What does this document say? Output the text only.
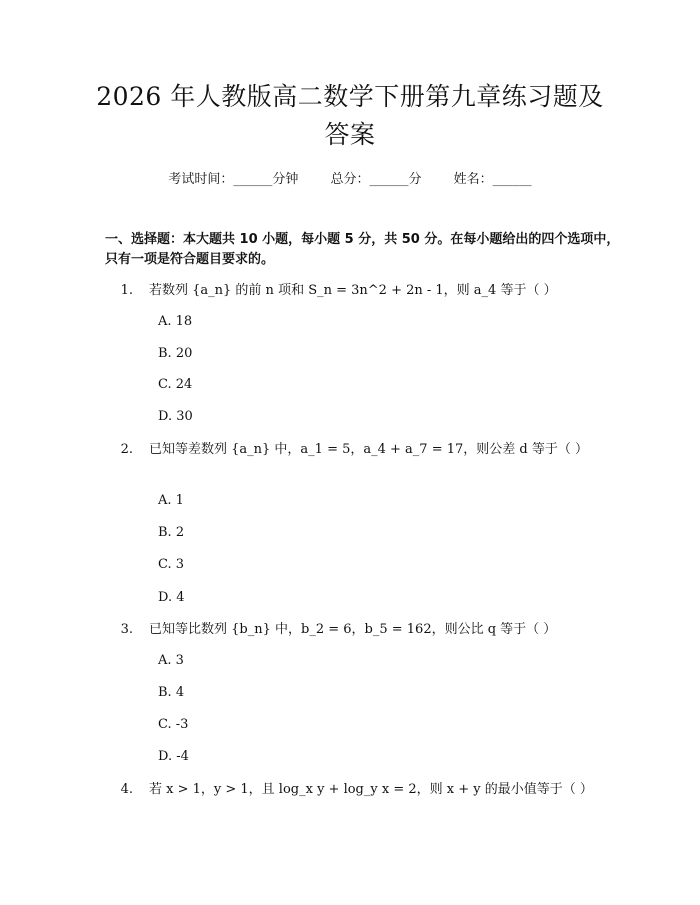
2026 年人教版高二数学下册第九章练习题及
答案
考试时间：______分钟 总分：______分 姓名：______
一、选择题：本大题共 10 小题，每小题 5 分，共 50 分。在每小题给出的四个选项中，只有一项是符合题目要求的。
1. 若数列 {a_n} 的前 n 项和 S_n = 3n^2 + 2n - 1，则 a_4 等于（ ）
A. 18
B. 20
C. 24
D. 30
2. 已知等差数列 {a_n} 中，a_1 = 5，a_4 + a_7 = 17，则公差 d 等于（ ）
A. 1
B. 2
C. 3
D. 4
3. 已知等比数列 {b_n} 中，b_2 = 6，b_5 = 162，则公比 q 等于（ ）
A. 3
B. 4
C. -3
D. -4
4. 若 x > 1，y > 1，且 log_x y + log_y x = 2，则 x + y 的最小值等于（ ）
